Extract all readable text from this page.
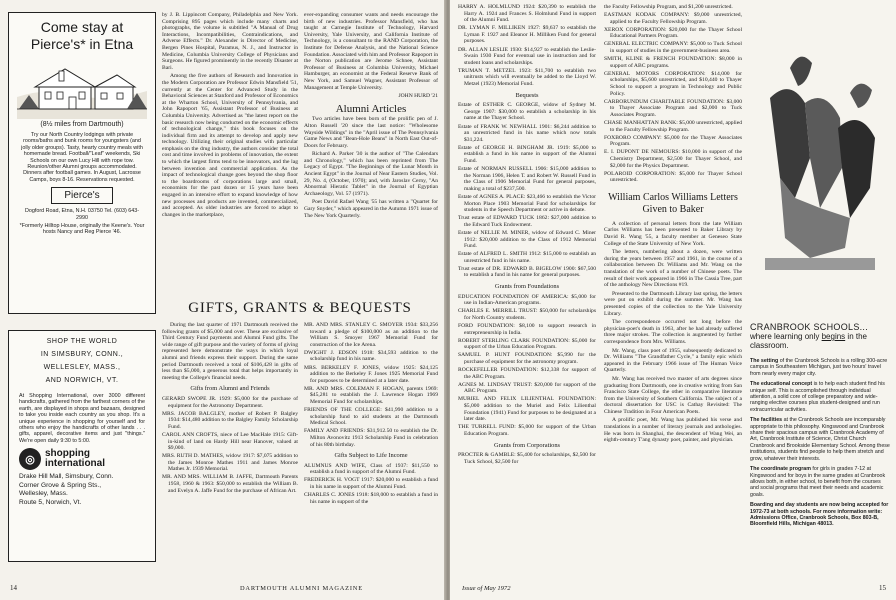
Come stay at
Pierce's* in Etna
(8½ miles from Dartmouth)
Try our North Country lodgings with private rooms/baths and bunk rooms for youngsters (and jolly older groups). Tasty, hearty country meals with homemade bread. Football/"Leaf" weekends, Ski Schools on our own Lucy Hill with rope tow. Reunion/other Alumni groups accommodated. Dinners after football games. In August, Lacrosse Camps, boys 8-16. Reservations requested.
Pierce's
Dogford Road, Etna, N.H. 03750 Tel. (603) 643-2990
*Formerly Hilltop House, originally the Keene's. Your hosts Nancy and Reg Pierce '46.
SHOP THE WORLD
IN SIMSBURY, CONN.,
WELLESLEY, MASS.,
AND NORWICH, VT.
At Shopping International, over 3000 different handicrafts, gathered from the farthest corners of the earth, are displayed in shops and bazaars, designed to take you inside each country as you shop. It's a unique experience in shopping for yourself and for others who enjoy the handicrafts of other lands . . . gifts, apparel, decorative items and just "things." We're open daily 9:30 to 5:00.
◎	shopping
international
Drake Hill Mall, Simsbury, Conn.
Corner Grove & Spring Sts.,
Wellesley, Mass.
Route 5, Norwich, Vt.

by J. B. Lippincott Company, Philadelphia and New York. Comprising 895 pages which include many charts and photographs, the volume is subtitled "A Manual of Drug Interactions, Incompatibilities, Contraindications, and Adverse Effects." Dr. Alexander is Director of Medicine, Bergen Pines Hospital, Paramus, N. J., and Instructor in Medicine, Columbia University College of Physicians and Surgeons. He figured prominently in the recently Disaster at Bari.

Among the five authors of Research and Innovation in the Modern Corporation are Professor Edwin Mansfield '51, currently at the Center for Advanced Study in the Behavioral Sciences at Stanford and Professor of Economics at the Wharton School, University of Pennsylvania, and John Rapoport '65, Assistant Professor of Business at Columbia University. Advertised as "the latest report on the basic research now being conducted on the economic effects of technological change," this book focuses on the individual firm and its attempt to develop and apply new technology. Utilizing their original studies with particular emphasis on the drug industry, the authors consider the total cost and time involved in problems of innovation, the extent to which the largest firms tend to be innovators, and the lag between invention and commercial application. As the impact of technological change goes beyond the shop floor to the boardrooms of corporations large and small, economists for the past dozen or 15 years have been engaged in an intensive effort to expand knowledge of how new processes and products are invented, commercialized, and accepted. As older industries are forced to adapt to changes in the marketplace,

ever-expanding consumer wants and needs encourage the birth of new industries. Professor Mansfield, who has taught at Carnegie Institute of Technology, Harvard University, Yale University, and California Institute of Technology, is a consultant to the RAND Corporation, the Institute for Defense Analysis, and the National Science Foundation. Associated with him and Professor Rapoport in the Norton publication are Jerome Schnee, Assistant Professor of Business at Columbia University, Michael Hamburger, an economist at the Federal Reserve Bank of New York, and Samuel Wagner, Assistant Professor of Management at Temple University.

JOHN HURD '21
Alumni Articles

Two articles have been born of the prolific pen of J. Alton Russell '20 since the last notice: "Wholesome Wayside Wildings" in the "April issue of The Pennsylvania Game News and "Bean-Hole Beans" in North East Out-of-Doors for February.

Richard A. Parker '30 is the author of "The Calendars and Chronology," which has been reprinted from The Legacy of Egypt. "The Beginnings of the Lunar Month in Ancient Egypt" in the Journal of Near Eastern Studies, Vol. 29, No. 4, (October, 1970); and, with Jaroslav Cerny, "An Abnormal Hieratic Tablet" in the Journal of Egyptian Archaeology, Vol. 57 (1971).

Poet David Rafael Wang '55 has written a "Quartet for Gary Snyder," which appeared in the Autumn 1971 issue of The New York Quarterly.

GIFTS, GRANTS & BEQUESTS

During the last quarter of 1971 Dartmouth received the following grants of $5,000 and over. These are exclusive of Third Century Fund payments and Alumni Fund gifts. The wide range of gift purpose and the variety of forms of giving represented here demonstrate the ways in which loyal alumni and friends express their support. During the same period Dartmouth received a total of $106,428 in gifts of less than $5,000, a generous total that helps importantly in meeting the College's financial needs.

Gifts from Alumni and Friends
GERARD SWOPE JR. 1929: $5,000 for the purchase of equipment for the Astronomy Department.
MRS. JACOB BALGLEY, mother of Robert P. Balgley 1934: $14,480 addition to the Balgley Family Scholarship Fund.
CAROL ANN CROFTS, niece of Lee MacHale 1915: Gift-in-kind of land on Hardy Hill near Hanover, valued at $9,000.
MRS. RUTH D. MATHES, widow 1917: $7,075 addition to the James Monroe Mathes 1911 and James Monroe Mathes Jr. 1939 Memorial.
MR. AND MRS. WILLIAM B. JAFFE, Dartmouth Parents 1958, 1960 & 1963: $50,000 to establish the William B. and Evelyn A. Jaffe Fund for the purchase of African Art.
MR. AND MRS. STANLEY C. SMOYER 1934: $33,256 toward a pledge of $100,000 as an addition to the William S. Smoyer 1967 Memorial Fund for construction of the Ice Arena.
DWIGHT J. EDSON 1918: $34,593 addition to the scholarship fund in his name.
MRS. BERKELEY F. JONES, widow 1925: $24,125 addition to the Berkeley F. Jones 1925 Memorial Fund for purposes to be determined at a later date.
MR. AND MRS. COLEMAN F. HOGAN, parents 1969: $45,281 to establish the J. Lawrence Hogan 1969 Memorial Fund for scholarships.
FRIENDS OF THE COLLEGE: $41,990 addition to a scholarship fund to aid students at the Dartmouth Medical School.
FAMILY AND FRIENDS: $31,912.50 to establish the Dr. Milton Avonovitz 1913 Scholarship Fund in celebration of his 80th birthday.
Gifts Subject to Life Income
ALUMNUS AND WIFE, Class of 1937: $11,550 to establish a fund in support of the Alumni Fund.
FREDERICK H. VOGT 1917: $20,000 to establish a fund in his name in support of the Alumni Fund.
CHARLES C. JONES 1918: $18,000 to establish a fund in his name in support of the
14	DARTMOUTH ALUMNI MAGAZINE
HARRY A. HOLMLUND 1924: $20,390 to establish the Harry A. 1924 and Frances S. Holmlund Fund in support of the Alumni Fund.
DR. LYMAN F. MILLIKEN 1927: $9,637 to establish the Lyman F. 1927 and Eleanor H. Milliken Fund for general purposes.
DR. ALLAN LESLIE 1930: $14,927 to establish the Leslie-Swain 1930 Fund for eventual use in instruction and for student loans and scholarships.
TRUMAN T. METZEL 1923: $11,700 to establish two unitrusts which will eventually be added to the Lloyd W. Metzel (1923) Memorial Fund.
Bequests
Estate of ESTHER C. GEORGE, widow of Sydney M. George 1907: $30,000 to establish a scholarship in his name at the Thayer School.
Estate of FRANK W. NEWHALL 1901: $6,244 addition to an unrestricted fund in his name which now totals $31,224.
Estate of GEORGE H. BINGHAM JR. 1919: $5,000 to establish a fund in his name in support of the Alumni Fund.
Estate of NORMAN RUSSELL 1906: $15,000 addition to the Norman 1906, Helen T. and Robert W. Russell Fund in the Class of 1906 Memorial Fund for general purposes, making a total of $237,500.
Estate of AGNES A. PLACE: $23,466 to establish the Victor Morton Place 1903 Memorial Fund for scholarships for students in the Speech Department or active in debate.
Trust estate of EDWARD TUCK 1862: $27,000 addition to the Edward Tuck Endowment.
Estate of NELLIE M. MINER, widow of Edward C. Miner 1912: $20,000 addition to the Class of 1912 Memorial Fund.
Estate of ALFRED L. SMITH 1912: $15,000 to establish an unrestricted fund in his name.
Trust estate of DR. EDWARD B. BIGELOW 1900: $67,500 to establish a fund in his name for general purposes.
Grants from Foundations
EDUCATION FOUNDATION OF AMERICA: $5,000 for use in Indian-American programs.
CHARLES E. MERRILL TRUST: $50,000 for scholarships for North Country students.
FORD FOUNDATION: $8,100 to support research in entrepreneurship in India.
ROBERT STERLING CLARK FOUNDATION: $5,000 for support of the Urban Education Program.
SAMUEL P. HUNT FOUNDATION: $5,990 for the purchase of equipment for the astronomy program.
ROCKEFELLER FOUNDATION: $12,338 for support of the ABC Program.
AGNES M. LINDSAY TRUST: $20,000 for support of the ABC Program.
MURIEL AND FELIX LILIENTHAL FOUNDATION: $5,000 addition to the Muriel and Felix Lilienthal Foundation (1941) Fund for purposes to be designated at a later date.
THE TURRELL FUND: $5,000 for support of the Urban Education Program.
Grants from Corporations
PROCTER & GAMBLE: $5,400 for scholarships, $2,500 for Tuck School, $2,500 for
the Faculty Fellowship Program, and $1,200 unrestricted.
EASTMAN KODAK COMPANY: $9,000 unrestricted, applied to the Faculty Fellowship Program.
XEROX CORPORATION: $20,000 for the Thayer School Educational Partners Program.
GENERAL ELECTRIC COMPANY: $5,000 to Tuck School in support of studies in the government-business area.
SMITH, KLINE & FRENCH FOUNDATION: $8,000 in support of ABC programs.
GENERAL MOTORS CORPORATION: $14,000 for scholarships, $5,600 unrestricted, and $10,440 to Thayer School to support a program in Technology and Public Policy.
CARBORUNDUM CHARITABLE FOUNDATION: $3,000 to Thayer Associate Program and $2,000 to Tuck Associates Program.
CHASE MANHATTAN BANK: $5,000 unrestricted, applied to the Faculty Fellowship Program.
FOXBORO COMPANY: $5,000 for the Thayer Associates Program.
E. I. DUPONT DE NEMOURS: $10,000 in support of the Chemistry Department, $2,500 for Thayer School, and $2,000 for the Physics Department.
POLAROID CORPORATION: $5,000 for Thayer School unrestricted.
William Carlos Williams Letters Given to Baker

A collection of personal letters from the late William Carlos Williams has been presented to Baker Library by David R. Wang '55, a faculty member at Geneseo State College of the State University of New York.

The letters, numbering about a dozen, were written during the years between 1957 and 1961, in the course of a collaboration between Dr. Williams and Mr. Wang on the translation of the work of a number of Chinese poets. The result of their work appeared in 1966 in The Cassia Tree, part of the anthology New Directions #19.

Presented to the Dartmouth Library last spring, the letters were put on exhibit during the summer. Mr. Wang has presented copies of the collection to the Yale University Library.

The correspondence occurred not long before the physician-poet's death in 1963, after he had already suffered three major strokes. The collection is augmented by further correspondence from Mrs. Williams.

Mr. Wang, class poet of 1955, subsequently dedicated to Dr. Williams "The Grandfather Cycle," a family epic which appeared in the February 1966 issue of The Human Voice Quarterly.

Mr. Wang has received two master of arts degrees since graduating from Dartmouth, one in creative writing from San Francisco State College, the other in comparative literature from the University of Southern California. The subject of a doctoral dissertation for USC is Cathay Revisited: The Chinese Tradition in Four American Poets.

A prolific poet, Mr. Wang has published his verse and translations in a number of literary journals and anthologies. He was born in Shanghai, the descendent of Wang Wei, an eighth-century T'ang dynasty poet, painter, and physician.

CRANBROOK SCHOOLS...
where learning only begins in the classroom.

The setting of the Cranbrook Schools is a rolling 300-acre campus in Southeastern Michigan, just two hours' travel from nearly every major city.

The educational concept is to help each student find his unique self. This is accomplished through individual attention, a solid core of college preparatory and wide-ranging elective courses plus student-designed and run extracurricular activities.

The facilities at the Cranbrook Schools are incomparably appropriate to this philosophy. Kingswood and Cranbrook share their spacious campus with Cranbrook Academy of Art, Cranbrook Institute of Science, Christ Church Cranbrook and Brookside Elementary School. Among these institutions, students find people to help them stretch and grow, whatever their interests.

The coordinate program for girls in grades 7-12 at Kingswood and for boys in the same grades at Cranbrook allows both, in either school, to benefit from the courses and social programs that meet their needs and academic goals.

Boarding and day students are now being accepted for 1972-73 at both schools. For more information write: Admissions Office, Cranbrook Schools, Box 803-B, Bloomfield Hills, Michigan 48013.

Issue of May 1972	15
